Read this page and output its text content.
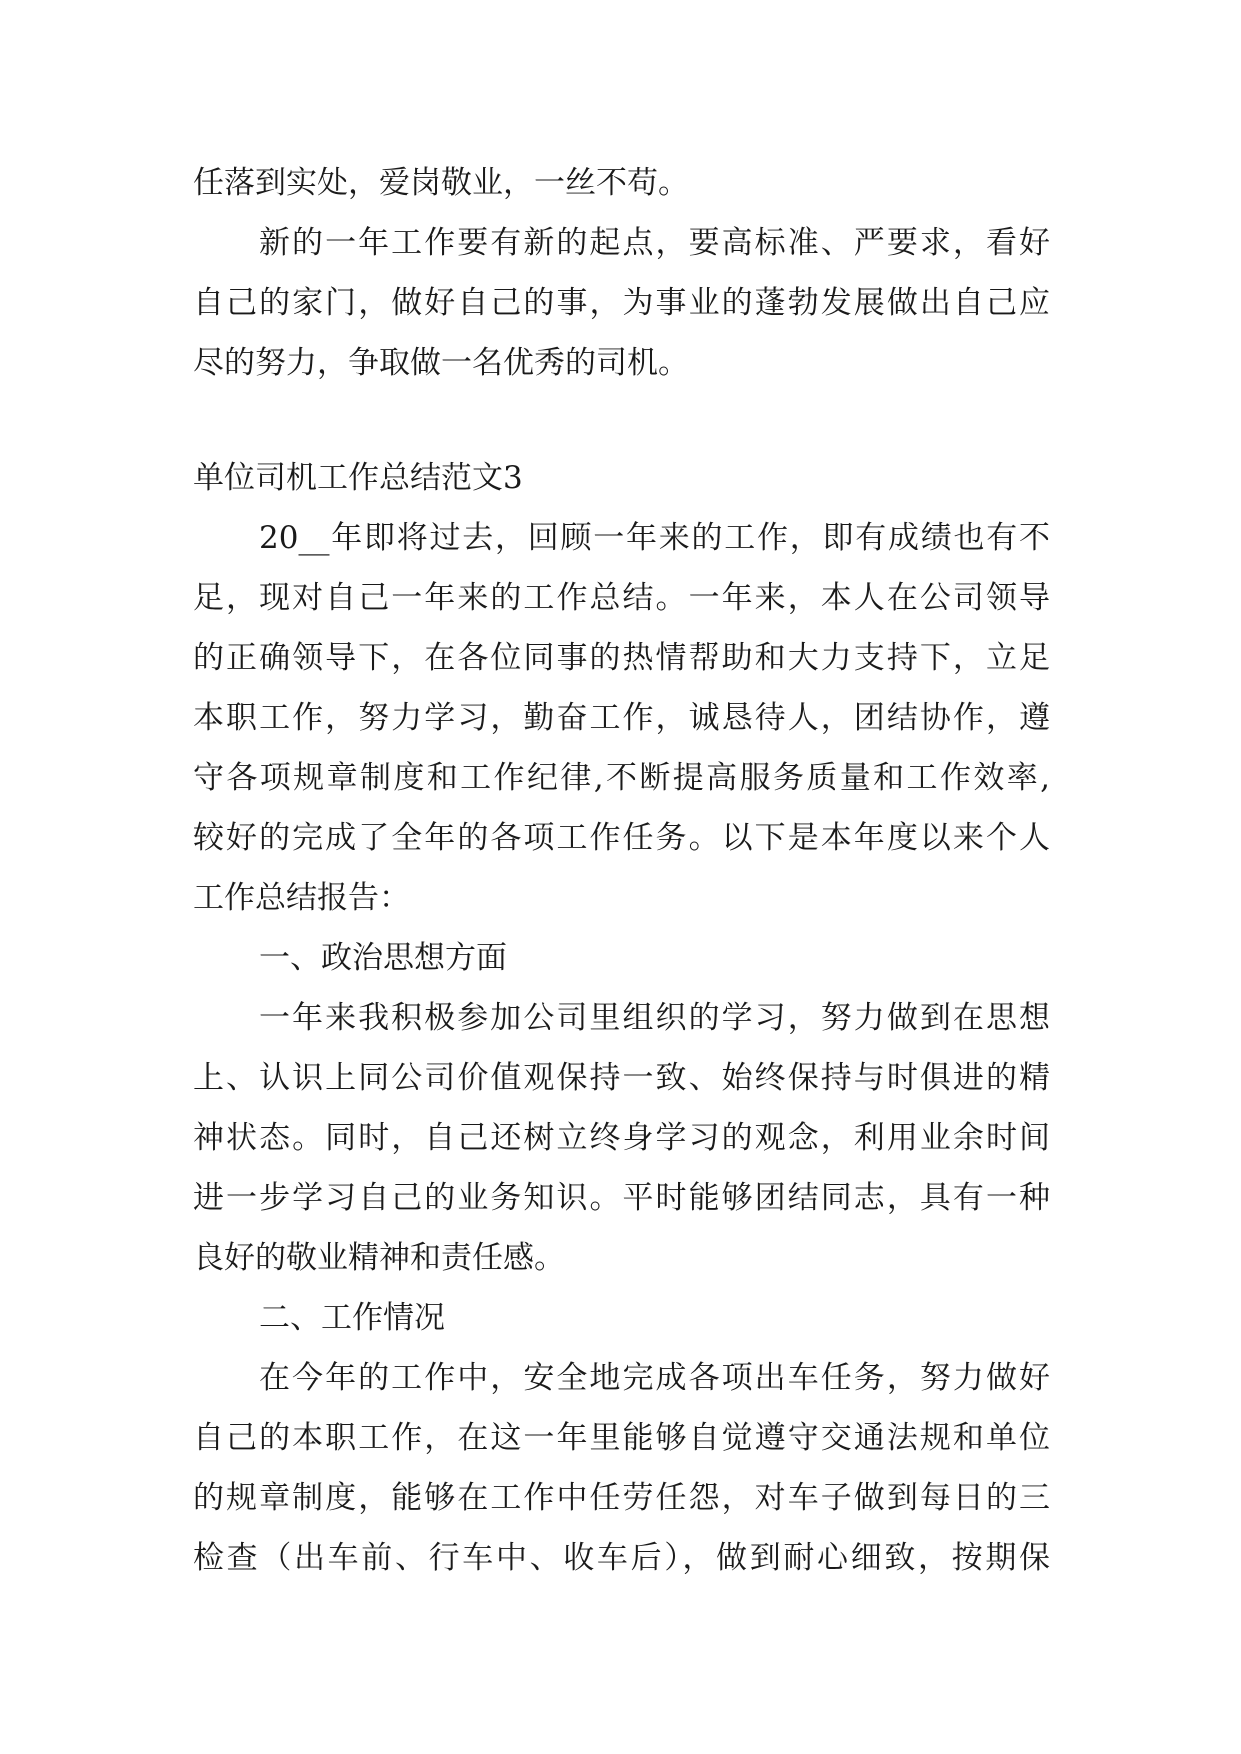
任落到实处，爱岗敬业，一丝不苟。
新的一年工作要有新的起点，要高标准、严要求，看好
自己的家门，做好自己的事，为事业的蓬勃发展做出自己应
尽的努力，争取做一名优秀的司机。
单位司机工作总结范文3
20__年即将过去，回顾一年来的工作，即有成绩也有不
足，现对自己一年来的工作总结。一年来，本人在公司领导
的正确领导下，在各位同事的热情帮助和大力支持下，立足
本职工作，努力学习，勤奋工作，诚恳待人，团结协作，遵
守各项规章制度和工作纪律,不断提高服务质量和工作效率,
较好的完成了全年的各项工作任务。以下是本年度以来个人
工作总结报告：
一、政治思想方面
一年来我积极参加公司里组织的学习，努力做到在思想
上、认识上同公司价值观保持一致、始终保持与时俱进的精
神状态。同时，自己还树立终身学习的观念，利用业余时间
进一步学习自己的业务知识。平时能够团结同志，具有一种
良好的敬业精神和责任感。
二、工作情况
在今年的工作中，安全地完成各项出车任务，努力做好
自己的本职工作，在这一年里能够自觉遵守交通法规和单位
的规章制度，能够在工作中任劳任怨，对车子做到每日的三
检查（出车前、行车中、收车后），做到耐心细致，按期保
